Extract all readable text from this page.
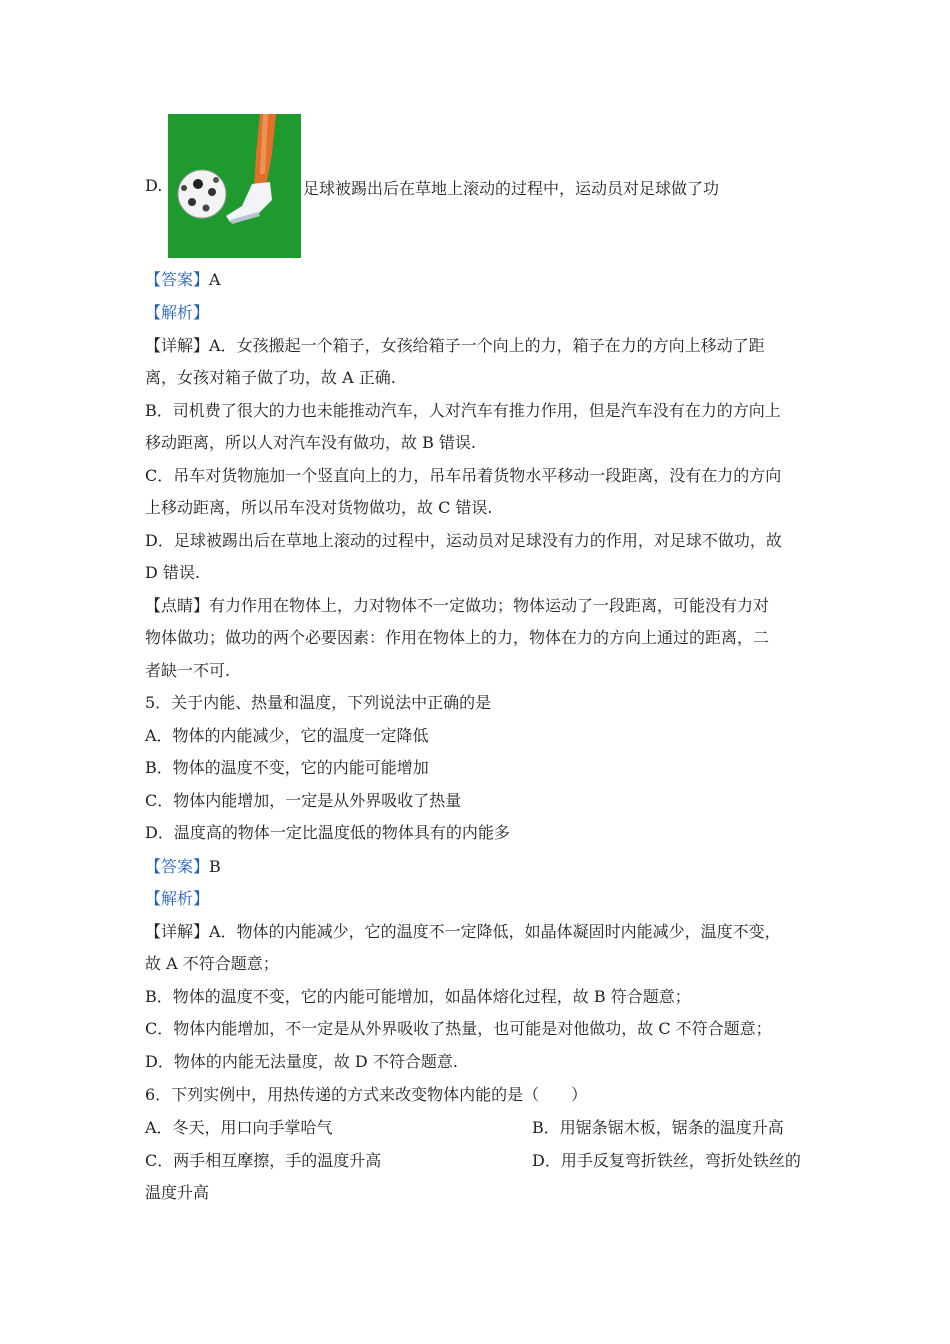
D.	足球被踢出后在草地上滚动的过程中，运动员对足球做了功
【答案】A
【解析】
【详解】A．女孩搬起一个箱子，女孩给箱子一个向上的力，箱子在力的方向上移动了距
离，女孩对箱子做了功，故 A 正确.
B．司机费了很大的力也未能推动汽车，人对汽车有推力作用，但是汽车没有在力的方向上
移动距离，所以人对汽车没有做功，故 B 错误.
C．吊车对货物施加一个竖直向上的力，吊车吊着货物水平移动一段距离，没有在力的方向
上移动距离，所以吊车没对货物做功，故 C 错误.
D．足球被踢出后在草地上滚动的过程中，运动员对足球没有力的作用，对足球不做功，故
D 错误.
【点睛】有力作用在物体上，力对物体不一定做功；物体运动了一段距离，可能没有力对
物体做功；做功的两个必要因素：作用在物体上的力，物体在力的方向上通过的距离，二
者缺一不可.
5．关于内能、热量和温度，下列说法中正确的是
A．物体的内能减少，它的温度一定降低
B．物体的温度不变，它的内能可能增加
C．物体内能增加，一定是从外界吸收了热量
D．温度高的物体一定比温度低的物体具有的内能多
【答案】B
【解析】
【详解】A．物体的内能减少，它的温度不一定降低，如晶体凝固时内能减少，温度不变，
故 A 不符合题意；
B．物体的温度不变，它的内能可能增加，如晶体熔化过程，故 B 符合题意；
C．物体内能增加，不一定是从外界吸收了热量，也可能是对他做功，故 C 不符合题意；
D．物体的内能无法量度，故 D 不符合题意.
6．下列实例中，用热传递的方式来改变物体内能的是（　　）
A．冬天，用口向手掌哈气	B．用锯条锯木板，锯条的温度升高
C．两手相互摩擦，手的温度升高	D．用手反复弯折铁丝，弯折处铁丝的
温度升高
